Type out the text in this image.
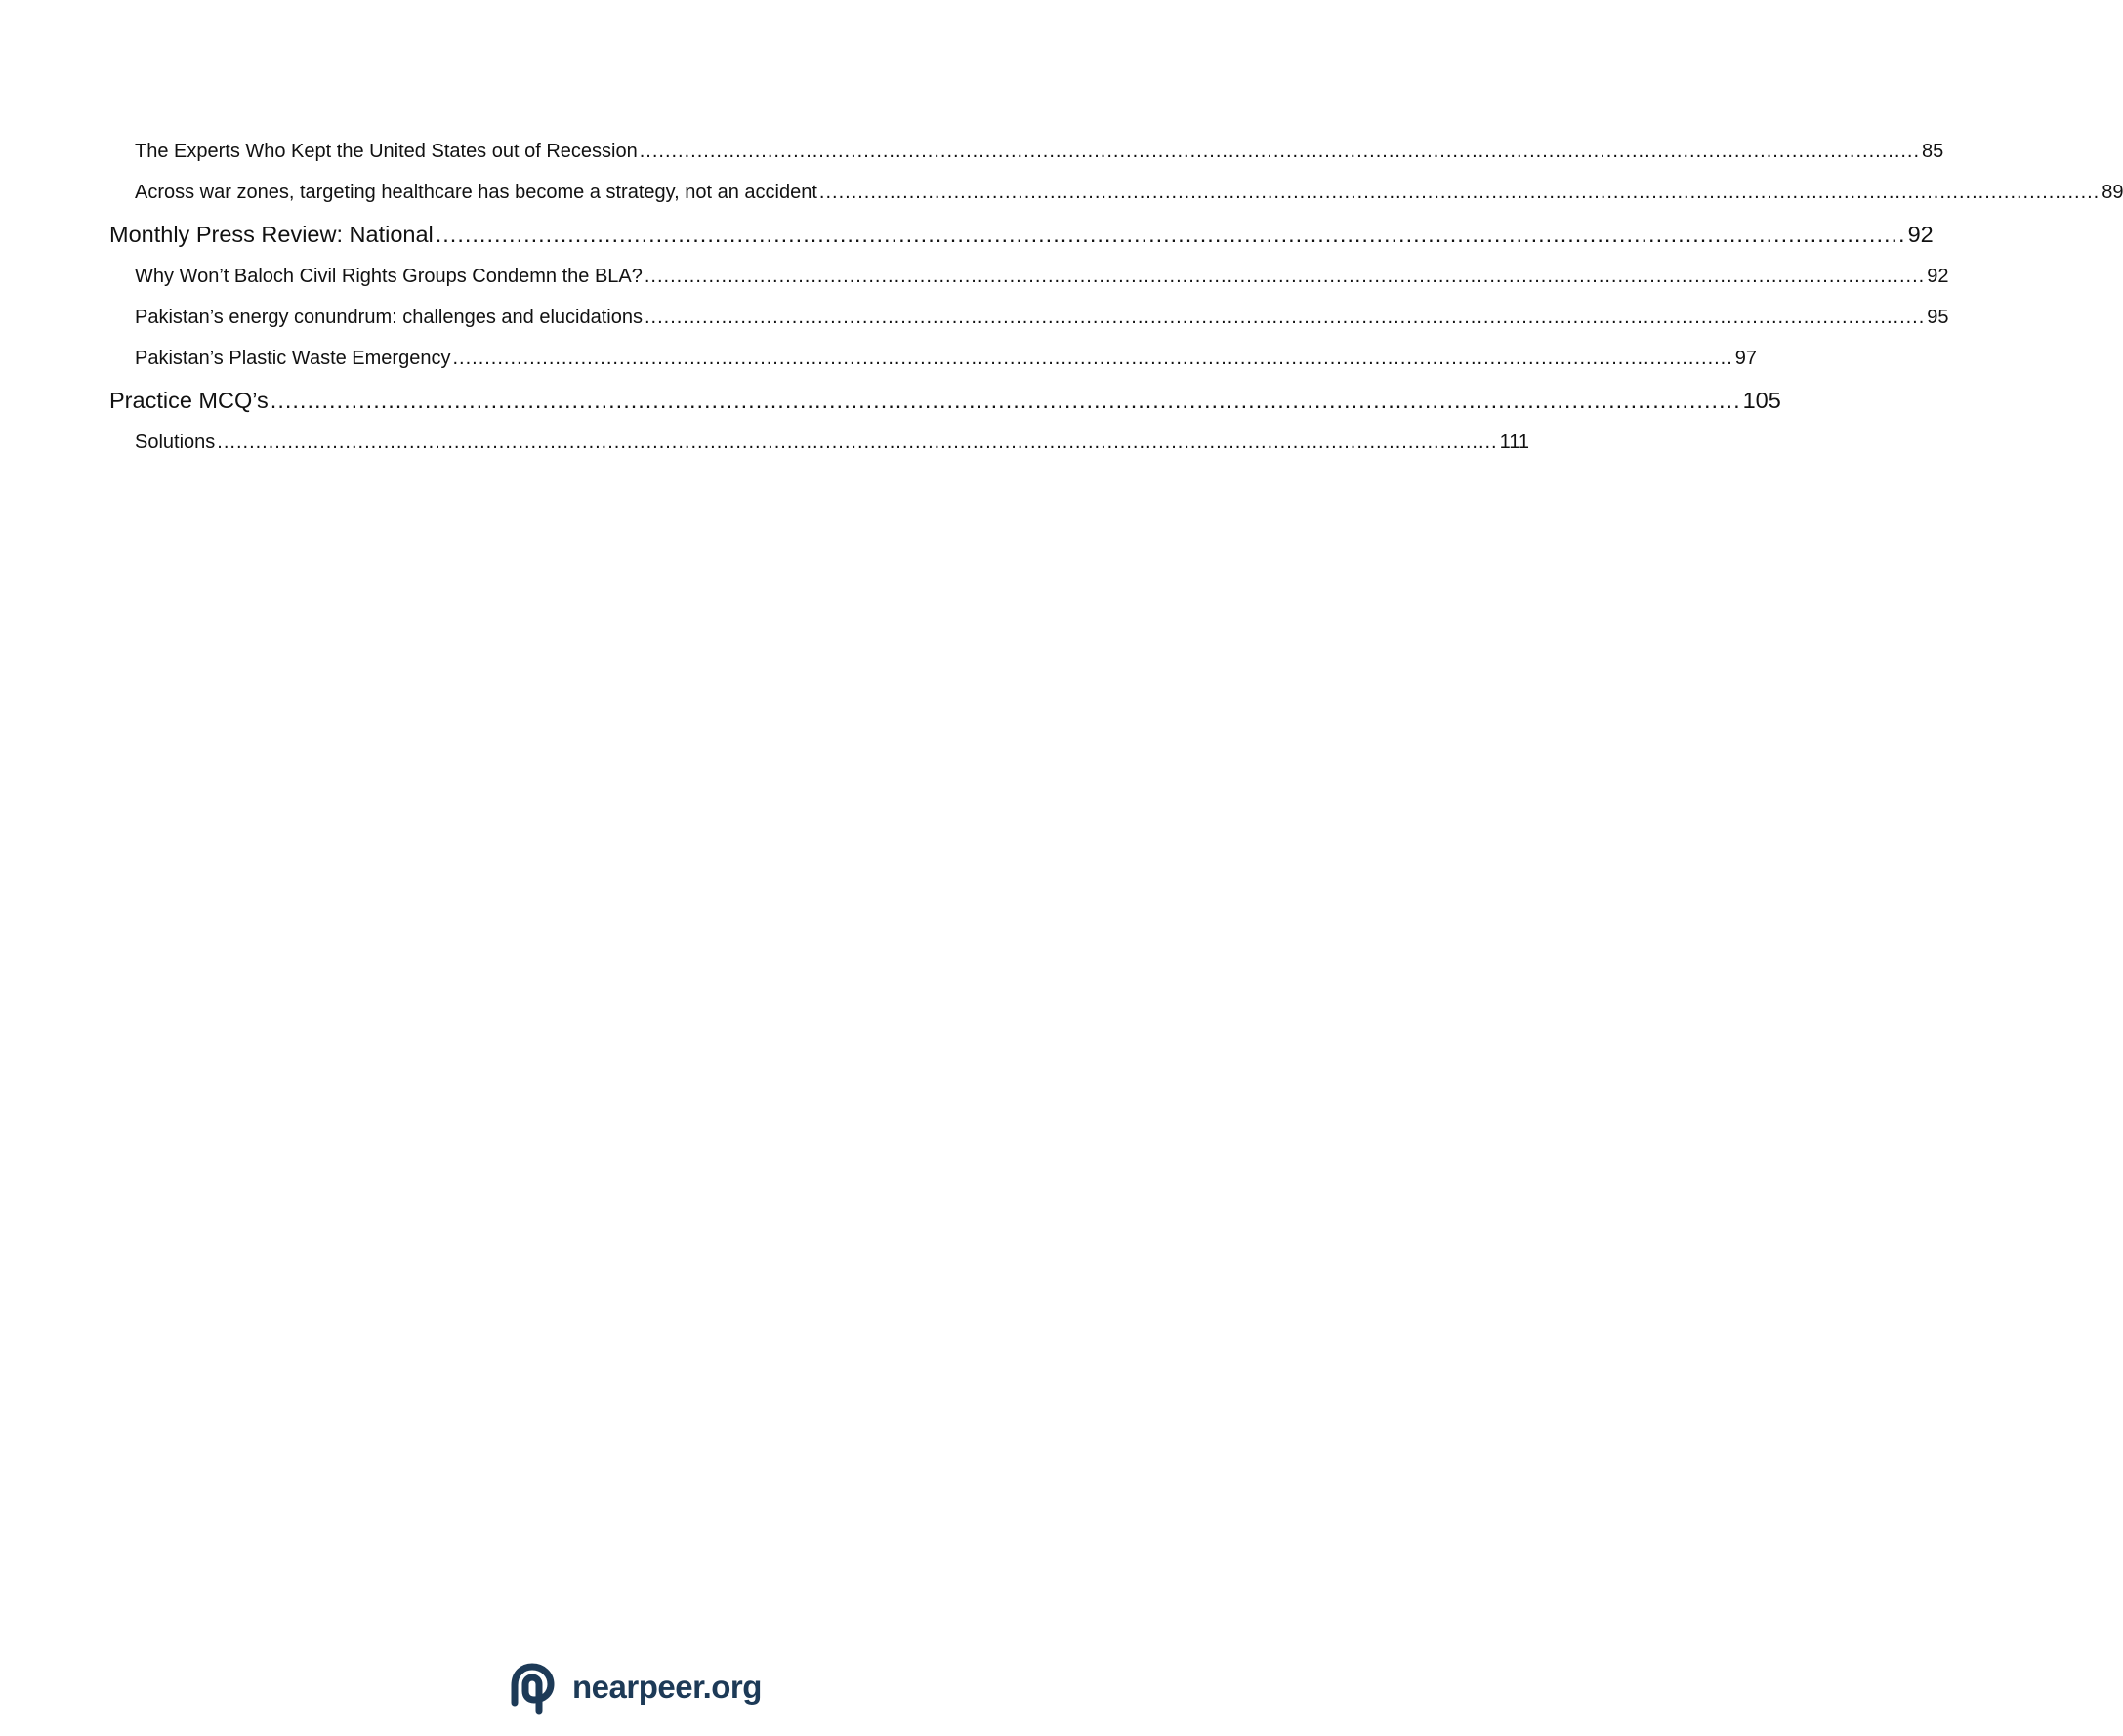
The Experts Who Kept the United States out of Recession ........................................................................................................................................................................................................ 85
Across war zones, targeting healthcare has become a strategy, not an accident ........................................................................................................................................................................................................ 89
Monthly Press Review: National ........................................................................................................................................................................................................ 92
Why Won’t Baloch Civil Rights Groups Condemn the BLA? ........................................................................................................................................................................................................ 92
Pakistan’s energy conundrum: challenges and elucidations ........................................................................................................................................................................................................ 95
Pakistan’s Plastic Waste Emergency ........................................................................................................................................................................................................ 97
Practice MCQ’s ........................................................................................................................................................................................................ 105
Solutions ........................................................................................................................................................................................................ 111
nearpeer.org
